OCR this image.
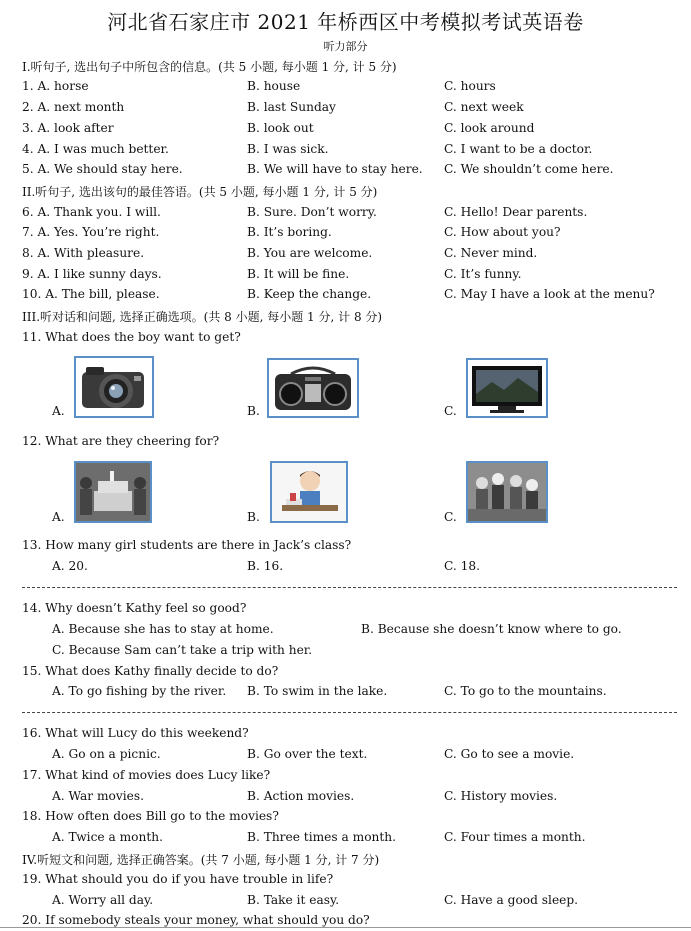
河北省石家庄市 2021 年桥西区中考模拟考试英语卷
听力部分
I.听句子, 选出句子中所包含的信息。(共 5 小题, 每小题 1 分, 计 5 分)
1. A. horse	B. house	C. hours
2. A. next month	B. last Sunday	C. next week
3. A. look after	B. look out	C. look around
4. A. I was much better.	B. I was sick.	C. I want to be a doctor.
5. A. We should stay here.	B. We will have to stay here. C. We shouldn’t come here.
II.听句子, 选出该句的最佳答语。(共 5 小题, 每小题 1 分, 计 5 分)
6. A. Thank you. I will.	B. Sure. Don’t worry.	C. Hello! Dear parents.
7. A. Yes. You’re right.	B. It’s boring.	C. How about you?
8. A. With pleasure.	B. You are welcome.	C. Never mind.
9. A. I like sunny days.	B. It will be fine.	C. It’s funny.
10. A. The bill, please.	B. Keep the change.	C. May I have a look at the menu?
III.听对话和问题, 选择正确选项。(共 8 小题, 每小题 1 分, 计 8 分)
11. What does the boy want to get?
A.	B.	C.
12. What are they cheering for?
A.	B.	C.
13. How many girl students are there in Jack’s class?
A. 20.	B. 16.	C. 18.
14. Why doesn’t Kathy feel so good?
A. Because she has to stay at home.	B. Because she doesn’t know where to go.
C. Because Sam can’t take a trip with her.
15. What does Kathy finally decide to do?
A. To go fishing by the river. B. To swim in the lake.	C. To go to the mountains.
16. What will Lucy do this weekend?
A. Go on a picnic.	B. Go over the text.	C. Go to see a movie.
17. What kind of movies does Lucy like?
A. War movies.	B. Action movies.	C. History movies.
18. How often does Bill go to the movies?
A. Twice a month.	B. Three times a month.	C. Four times a month.
IV.听短文和问题, 选择正确答案。(共 7 小题, 每小题 1 分, 计 7 分)
19. What should you do if you have trouble in life?
A. Worry all day.	B. Take it easy.	C. Have a good sleep.
20. If somebody steals your money, what should you do?
